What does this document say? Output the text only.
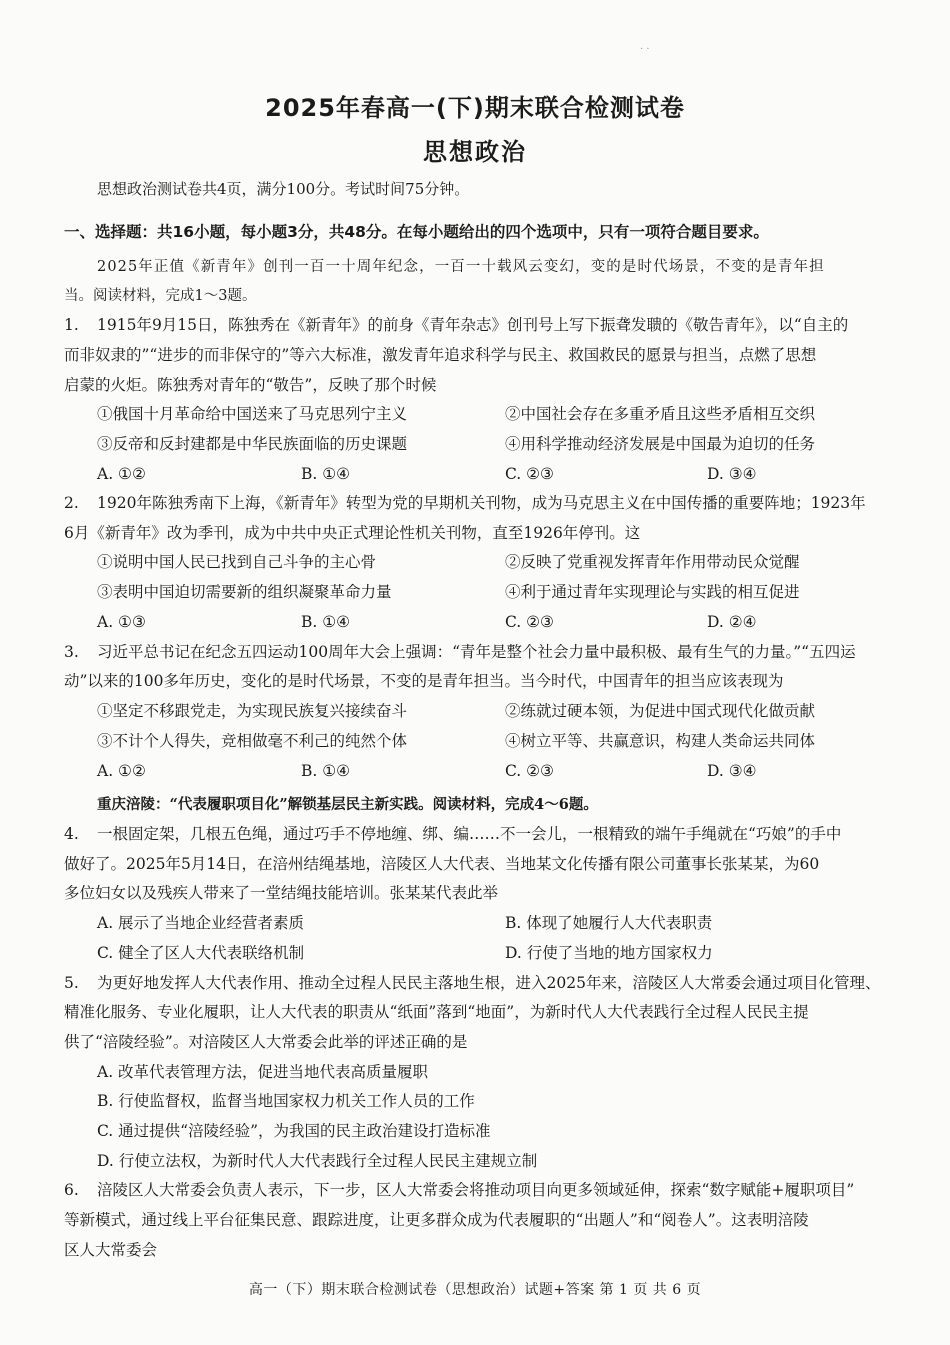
· ·
2025年春高一(下)期末联合检测试卷
思想政治
思想政治测试卷共4页，满分100分。考试时间75分钟。
一、选择题：共16小题，每小题3分，共48分。在每小题给出的四个选项中，只有一项符合题目要求。
2025年正值《新青年》创刊一百一十周年纪念，一百一十载风云变幻，变的是时代场景，不变的是青年担
当。阅读材料，完成1～3题。
1. 1915年9月15日，陈独秀在《新青年》的前身《青年杂志》创刊号上写下振聋发聩的《敬告青年》，以“自主的
而非奴隶的”“进步的而非保守的”等六大标准，激发青年追求科学与民主、救国救民的愿景与担当，点燃了思想
启蒙的火炬。陈独秀对青年的“敬告”，反映了那个时候
①俄国十月革命给中国送来了马克思列宁主义	②中国社会存在多重矛盾且这些矛盾相互交织
③反帝和反封建都是中华民族面临的历史课题	④用科学推动经济发展是中国最为迫切的任务
A. ①②	B. ①④	C. ②③	D. ③④
2. 1920年陈独秀南下上海，《新青年》转型为党的早期机关刊物，成为马克思主义在中国传播的重要阵地；1923年
6月《新青年》改为季刊，成为中共中央正式理论性机关刊物，直至1926年停刊。这
①说明中国人民已找到自己斗争的主心骨	②反映了党重视发挥青年作用带动民众觉醒
③表明中国迫切需要新的组织凝聚革命力量	④利于通过青年实现理论与实践的相互促进
A. ①③	B. ①④	C. ②③	D. ②④
3. 习近平总书记在纪念五四运动100周年大会上强调：“青年是整个社会力量中最积极、最有生气的力量。”“五四运
动”以来的100多年历史，变化的是时代场景，不变的是青年担当。当今时代，中国青年的担当应该表现为
①坚定不移跟党走，为实现民族复兴接续奋斗	②练就过硬本领，为促进中国式现代化做贡献
③不计个人得失，竞相做毫不利己的纯然个体	④树立平等、共赢意识，构建人类命运共同体
A. ①②	B. ①④	C. ②③	D. ③④
重庆涪陵：“代表履职项目化”解锁基层民主新实践。阅读材料，完成4～6题。
4. 一根固定架，几根五色绳，通过巧手不停地缠、绑、编……不一会儿，一根精致的端午手绳就在“巧娘”的手中
做好了。2025年5月14日，在涪州结绳基地，涪陵区人大代表、当地某文化传播有限公司董事长张某某，为60
多位妇女以及残疾人带来了一堂结绳技能培训。张某某代表此举
A. 展示了当地企业经营者素质	B. 体现了她履行人大代表职责
C. 健全了区人大代表联络机制	D. 行使了当地的地方国家权力
5. 为更好地发挥人大代表作用、推动全过程人民民主落地生根，进入2025年来，涪陵区人大常委会通过项目化管理、
精准化服务、专业化履职，让人大代表的职责从“纸面”落到“地面”，为新时代人大代表践行全过程人民民主提
供了“涪陵经验”。对涪陵区人大常委会此举的评述正确的是
A. 改革代表管理方法，促进当地代表高质量履职
B. 行使监督权，监督当地国家权力机关工作人员的工作
C. 通过提供“涪陵经验”，为我国的民主政治建设打造标准
D. 行使立法权，为新时代人大代表践行全过程人民民主建规立制
6. 涪陵区人大常委会负责人表示，下一步，区人大常委会将推动项目向更多领域延伸，探索“数字赋能+履职项目”
等新模式，通过线上平台征集民意、跟踪进度，让更多群众成为代表履职的“出题人”和“阅卷人”。这表明涪陵
区人大常委会
高一（下）期末联合检测试卷（思想政治）试题+答案 第 1 页 共 6 页
